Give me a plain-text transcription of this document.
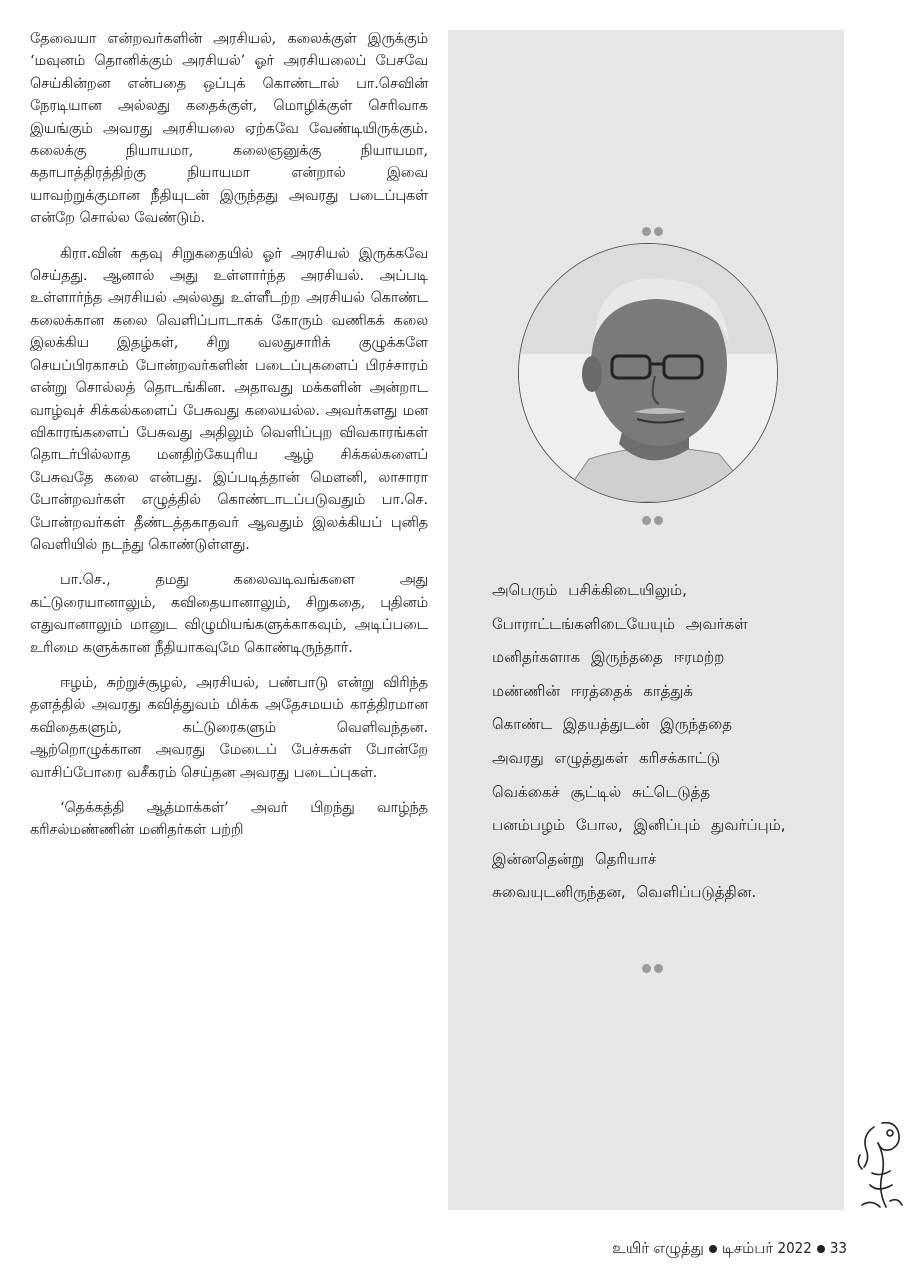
தேவையா என்றவர்களின் அரசியல், கலைக்குள் இருக்கும் ‘மவுனம் தொனிக்கும் அரசியல்’ ஓர் அரசியலைப் பேசவே செய்கின்றன என்பதை ஒப்புக் கொண்டால் பா.செவின் நேரடியான அல்லது கதைக்குள், மொழிக்குள் செரிவாக இயங்கும் அவரது அரசியலை ஏற்கவே வேண்டியிருக்கும். கலைக்கு நியாயமா, கலைஞனுக்கு நியாயமா, கதாபாத்திரத்திற்கு நியாயமா என்றால் இவை யாவற்றுக்குமான நீதியுடன் இருந்தது அவரது படைப்புகள் என்றே சொல்ல வேண்டும்.

கிரா.வின் கதவு சிறுகதையில் ஓர் அரசியல் இருக்கவே செய்தது. ஆனால் அது உள்ளார்ந்த அரசியல். அப்படி உள்ளார்ந்த அரசியல் அல்லது உள்ளீடற்ற அரசியல் கொண்ட கலைக்கான கலை வெளிப்பாடாகக் கோரும் வணிகக் கலை இலக்கிய இதழ்கள், சிறு வலதுசாரிக் குழுக்களே செயப்பிரகாசம் போன்றவர்களின் படைப்புகளைப் பிரச்சாரம் என்று சொல்லத் தொடங்கின. அதாவது மக்களின் அன்றாட வாழ்வுச் சிக்கல்களைப் பேசுவது கலையல்ல. அவர்களது மன விகாரங்களைப் பேசுவது அதிலும் வெளிப்புற விவகாரங்கள் தொடர்பில்லாத மனதிற்கேயுரிய ஆழ் சிக்கல்களைப் பேசுவதே கலை என்பது. இப்படித்தான் மௌனி, லாசாரா போன்றவர்கள் எழுத்தில் கொண்டாடப்படுவதும் பா.செ. போன்றவர்கள் தீண்டத்தகாதவர் ஆவதும் இலக்கியப் புனித வெளியில் நடந்து கொண்டுள்ளது.

பா.செ., தமது கலைவடிவங்களை அது கட்டுரையானாலும், கவிதையானாலும், சிறுகதை, புதினம் எதுவானாலும் மானுட விழுமியங்களுக்காகவும், அடிப்படை உரிமை களுக்கான நீதியாகவுமே கொண்டிருந்தார்.

ஈழம், சுற்றுச்சூழல், அரசியல், பண்பாடு என்று விரிந்த தளத்தில் அவரது கவித்துவம் மிக்க அதேசமயம் காத்திரமான கவிதைகளும், கட்டுரைகளும் வெளிவந்தன. ஆற்றொழுக்கான அவரது மேடைப் பேச்சுகள் போன்றே வாசிப்போரை வசீகரம் செய்தன அவரது படைப்புகள்.

‘தெக்கத்தி ஆத்மாக்கள்’ அவர் பிறந்து வாழ்ந்த கரிசல்மண்ணின் மனிதர்கள் பற்றி

அபெரும் பசிக்கிடையிலும்,
போராட்டங்களிடையேயும் அவர்கள்
மனிதர்களாக இருந்ததை ஈரமற்ற
மண்ணின் ஈரத்தைக் காத்துக்
கொண்ட இதயத்துடன் இருந்ததை
அவரது எழுத்துகள் கரிசக்காட்டு
வெக்கைச் சூட்டில் சுட்டெடுத்த
பனம்பழம் போல, இனிப்பும் துவர்ப்பும்,
இன்னதென்று தெரியாச்
சுவையுடனிருந்தன, வெளிப்படுத்தின.
உயிர் எழுத்து டிசம்பர் 2022 33
